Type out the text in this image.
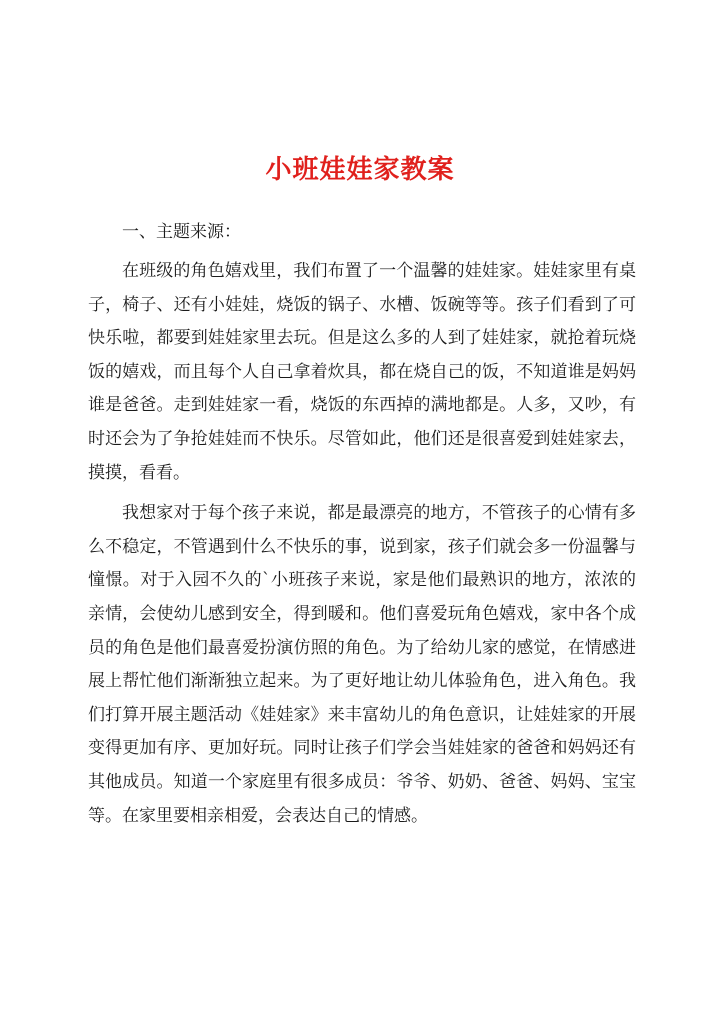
小班娃娃家教案
一、主题来源：

在班级的角色嬉戏里，我们布置了一个温馨的娃娃家。娃娃家里有桌子，椅子、还有小娃娃，烧饭的锅子、水槽、饭碗等等。孩子们看到了可快乐啦，都要到娃娃家里去玩。但是这么多的人到了娃娃家，就抢着玩烧饭的嬉戏，而且每个人自己拿着炊具，都在烧自己的饭，不知道谁是妈妈谁是爸爸。走到娃娃家一看，烧饭的东西掉的满地都是。人多，又吵，有时还会为了争抢娃娃而不快乐。尽管如此，他们还是很喜爱到娃娃家去，摸摸，看看。

我想家对于每个孩子来说，都是最漂亮的地方，不管孩子的心情有多么不稳定，不管遇到什么不快乐的事，说到家，孩子们就会多一份温馨与憧憬。对于入园不久的`小班孩子来说，家是他们最熟识的地方，浓浓的亲情，会使幼儿感到安全，得到暖和。他们喜爱玩角色嬉戏，家中各个成员的角色是他们最喜爱扮演仿照的角色。为了给幼儿家的感觉，在情感进展上帮忙他们渐渐独立起来。为了更好地让幼儿体验角色，进入角色。我们打算开展主题活动《娃娃家》来丰富幼儿的角色意识，让娃娃家的开展变得更加有序、更加好玩。同时让孩子们学会当娃娃家的爸爸和妈妈还有其他成员。知道一个家庭里有很多成员：爷爷、奶奶、爸爸、妈妈、宝宝等。在家里要相亲相爱，会表达自己的情感。
